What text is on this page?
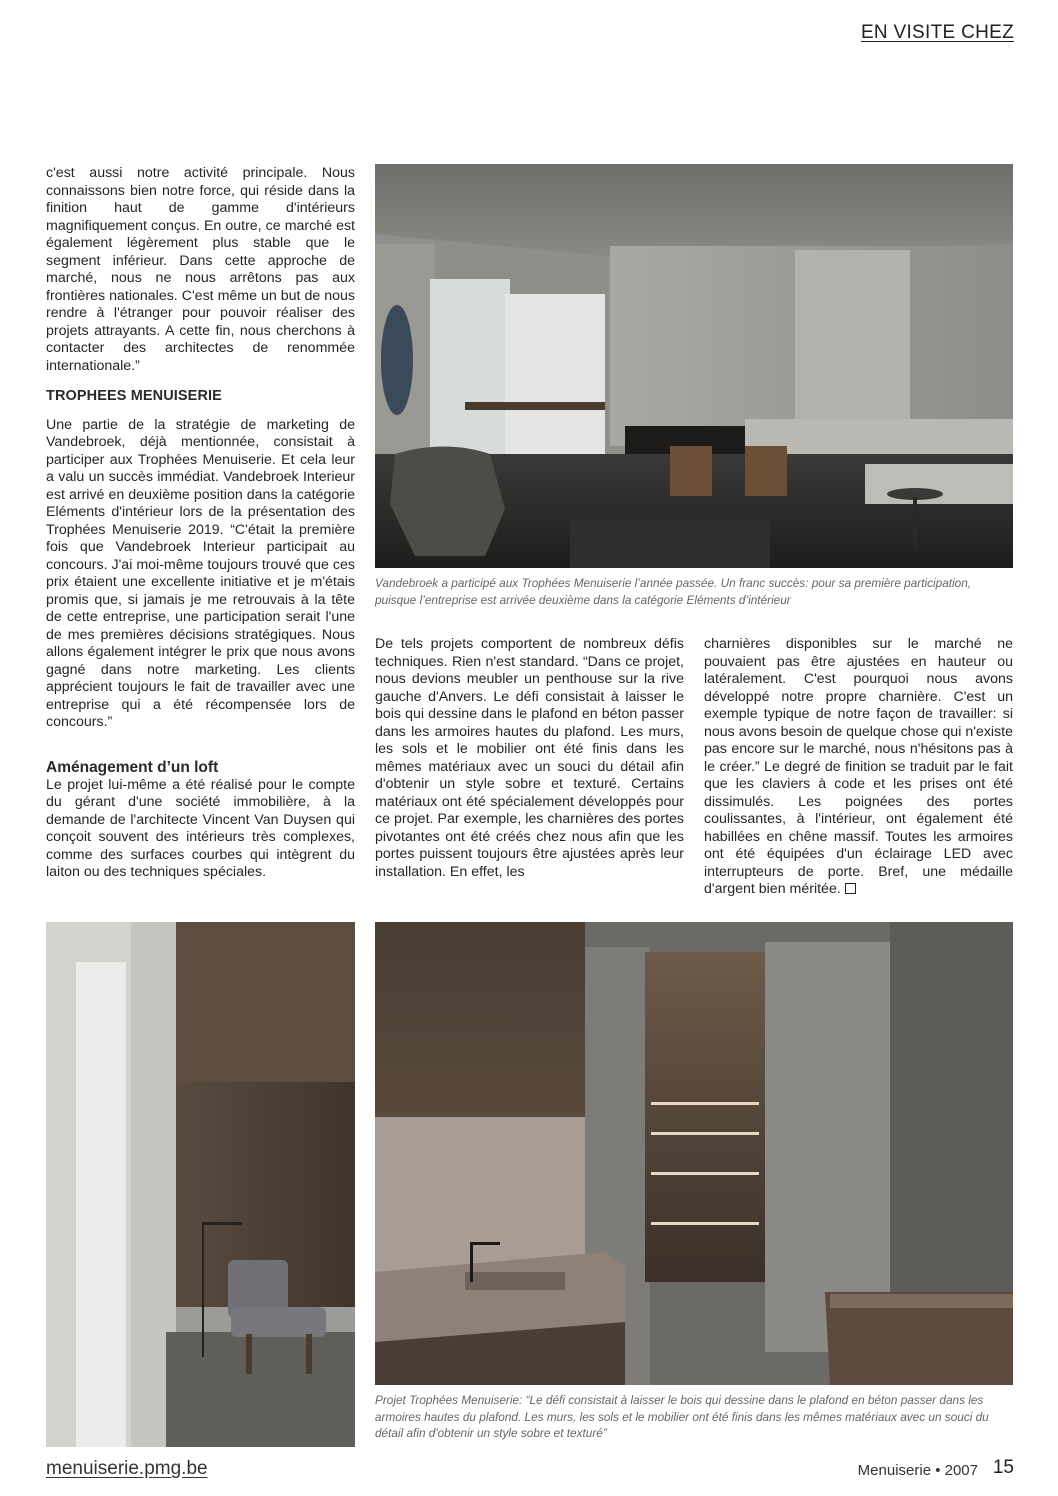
EN VISITE CHEZ

c'est aussi notre activité principale. Nous connaissons bien notre force, qui réside dans la finition haut de gamme d'intérieurs magnifiquement conçus. En outre, ce marché est également légèrement plus stable que le segment inférieur. Dans cette approche de marché, nous ne nous arrêtons pas aux frontières nationales. C'est même un but de nous rendre à l'étranger pour pouvoir réaliser des projets attrayants. A cette fin, nous cherchons à contacter des architectes de renommée internationale.”

TROPHEES MENUISERIE

Une partie de la stratégie de marketing de Vandebroek, déjà mentionnée, consistait à participer aux Trophées Menuiserie. Et cela leur a valu un succès immédiat. Vandebroek Interieur est arrivé en deuxième position dans la catégorie Eléments d'intérieur lors de la présentation des Trophées Menuiserie 2019. “C'était la première fois que Vandebroek Interieur participait au concours. J'ai moi-même toujours trouvé que ces prix étaient une excellente initiative et je m'étais promis que, si jamais je me retrouvais à la tête de cette entreprise, une participation serait l'une de mes premières décisions stratégiques. Nous allons également intégrer le prix que nous avons gagné dans notre marketing. Les clients apprécient toujours le fait de travailler avec une entreprise qui a été récompensée lors de concours.”

Aménagement d’un loft

Le projet lui-même a été réalisé pour le compte du gérant d'une société immobilière, à la demande de l'architecte Vincent Van Duysen qui conçoit souvent des intérieurs très complexes, comme des surfaces courbes qui intègrent du laiton ou des techniques spéciales.

Vandebroek a participé aux Trophées Menuiserie l’année passée. Un franc succès: pour sa première participation, puisque l’entreprise est arrivée deuxième dans la catégorie Eléments d’intérieur

De tels projets comportent de nombreux défis techniques. Rien n'est standard. “Dans ce projet, nous devions meubler un penthouse sur la rive gauche d'Anvers. Le défi consistait à laisser le bois qui dessine dans le plafond en béton passer dans les armoires hautes du plafond. Les murs, les sols et le mobilier ont été finis dans les mêmes matériaux avec un souci du détail afin d'obtenir un style sobre et texturé. Certains matériaux ont été spécialement développés pour ce projet. Par exemple, les charnières des portes pivotantes ont été créés chez nous afin que les portes puissent toujours être ajustées après leur installation. En effet, les

charnières disponibles sur le marché ne pouvaient pas être ajustées en hauteur ou latéralement. C'est pourquoi nous avons développé notre propre charnière. C'est un exemple typique de notre façon de travailler: si nous avons besoin de quelque chose qui n'existe pas encore sur le marché, nous n'hésitons pas à le créer.” Le degré de finition se traduit par le fait que les claviers à code et les prises ont été dissimulés. Les poignées des portes coulissantes, à l'intérieur, ont également été habillées en chêne massif. Toutes les armoires ont été équipées d'un éclairage LED avec interrupteurs de porte. Bref, une médaille d'argent bien méritée.

Projet Trophées Menuiserie: “Le défi consistait à laisser le bois qui dessine dans le plafond en béton passer dans les armoires hautes du plafond. Les murs, les sols et le mobilier ont été finis dans les mêmes matériaux avec un souci du détail afin d'obtenir un style sobre et texturé”
menuiserie.pmg.be	Menuiserie • 2007 15
